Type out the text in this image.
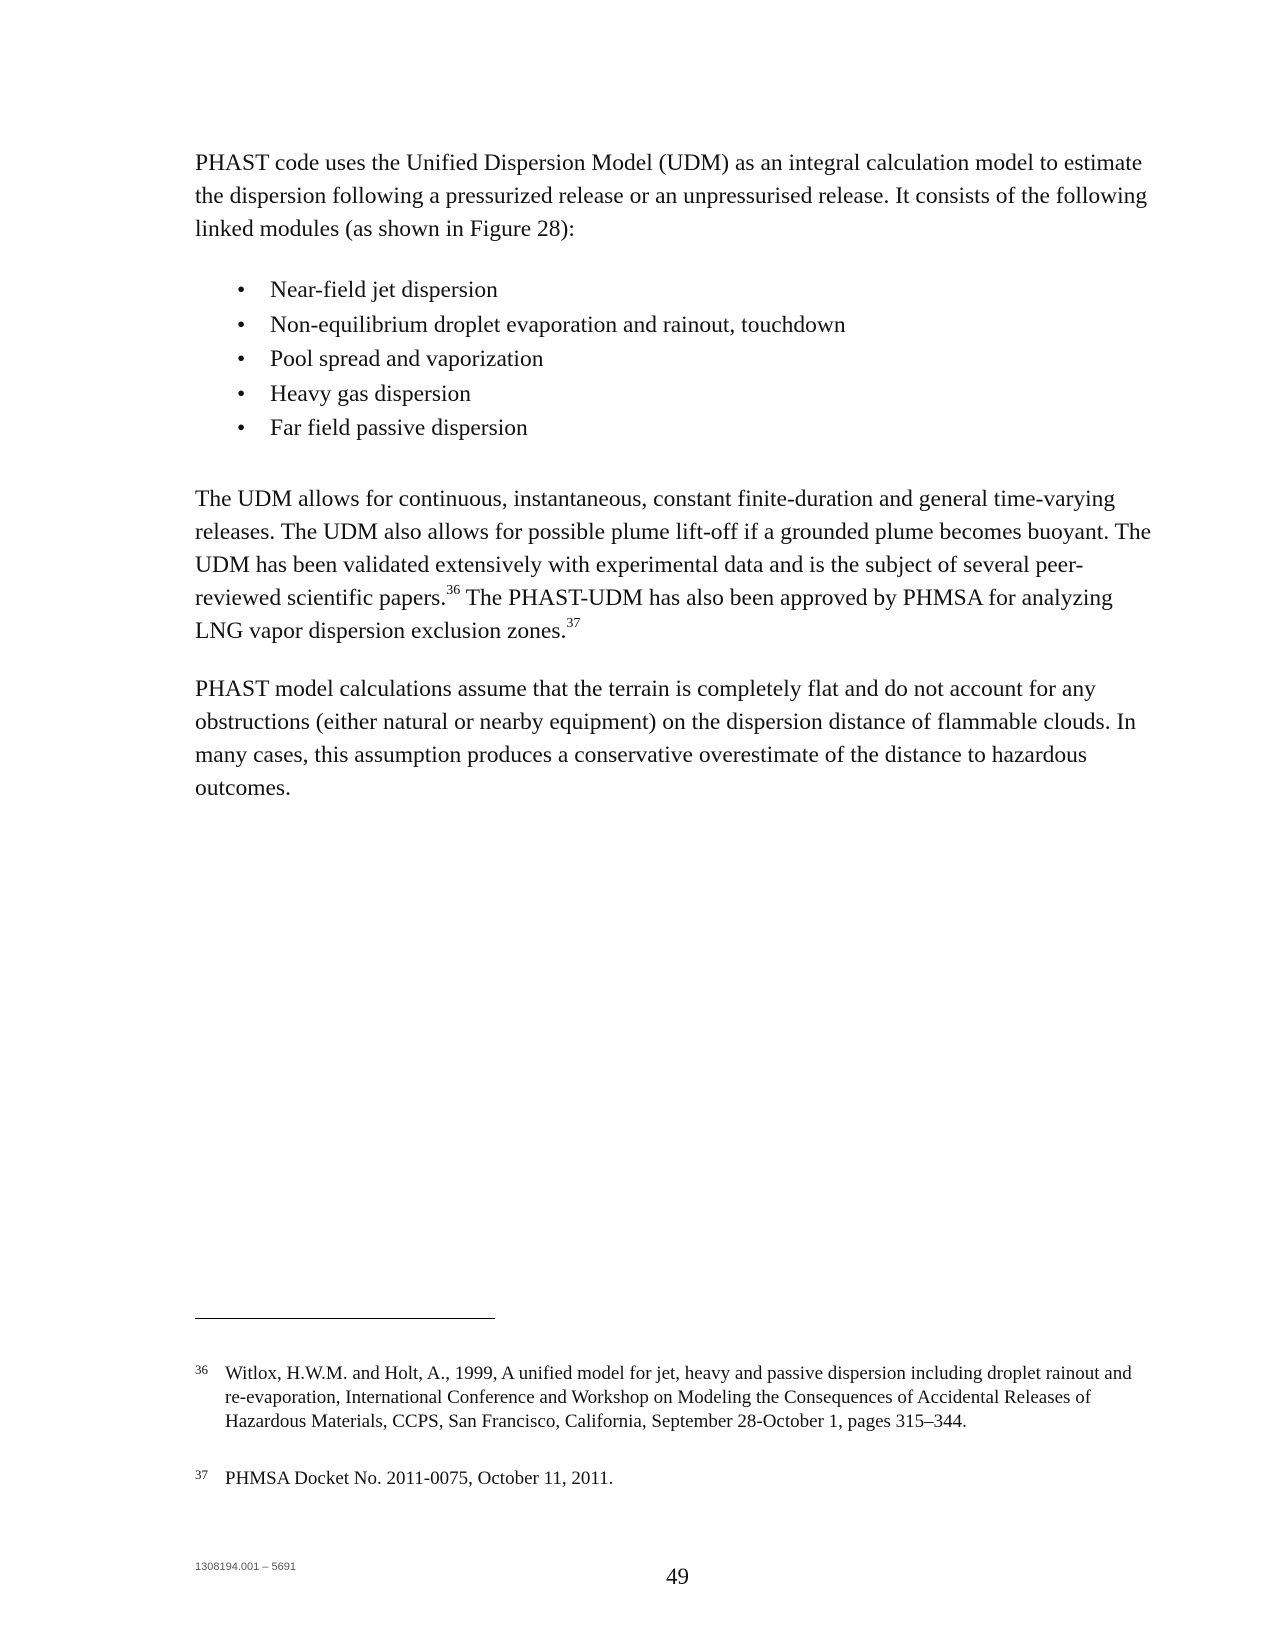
PHAST code uses the Unified Dispersion Model (UDM) as an integral calculation model to estimate the dispersion following a pressurized release or an unpressurised release. It consists of the following linked modules (as shown in Figure 28):

• Near-field jet dispersion
• Non-equilibrium droplet evaporation and rainout, touchdown
• Pool spread and vaporization
• Heavy gas dispersion
• Far field passive dispersion

The UDM allows for continuous, instantaneous, constant finite-duration and general time-varying releases. The UDM also allows for possible plume lift-off if a grounded plume becomes buoyant. The UDM has been validated extensively with experimental data and is the subject of several peer-reviewed scientific papers.$^{36}$ The PHAST-UDM has also been approved by PHMSA for analyzing LNG vapor dispersion exclusion zones.$^{37}$

PHAST model calculations assume that the terrain is completely flat and do not account for any obstructions (either natural or nearby equipment) on the dispersion distance of flammable clouds. In many cases, this assumption produces a conservative overestimate of the distance to hazardous outcomes.

36 Witlox, H.W.M. and Holt, A., 1999, A unified model for jet, heavy and passive dispersion including droplet rainout and re-evaporation, International Conference and Workshop on Modeling the Consequences of Accidental Releases of Hazardous Materials, CCPS, San Francisco, California, September 28-October 1, pages 315–344.
37 PHMSA Docket No. 2011-0075, October 11, 2011.
1308194.001 – 5691	49
